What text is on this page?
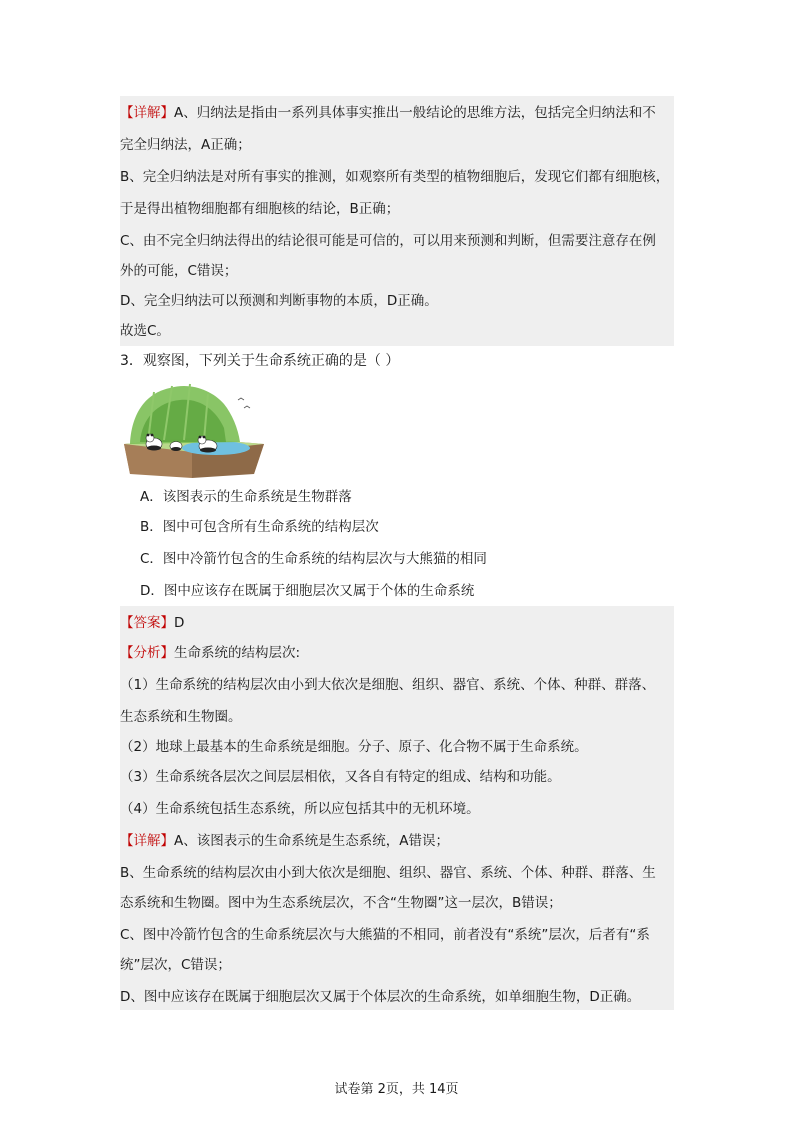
【详解】A、归纳法是指由一系列具体事实推出一般结论的思维方法，包括完全归纳法和不
完全归纳法，A正确；
B、完全归纳法是对所有事实的推测，如观察所有类型的植物细胞后，发现它们都有细胞核，
于是得出植物细胞都有细胞核的结论，B正确；
C、由不完全归纳法得出的结论很可能是可信的，可以用来预测和判断，但需要注意存在例
外的可能，C错误；
D、完全归纳法可以预测和判断事物的本质，D正确。
故选C。
3．观察图，下列关于生命系统正确的是（ ）
A．该图表示的生命系统是生物群落
B．图中可包含所有生命系统的结构层次
C．图中冷箭竹包含的生命系统的结构层次与大熊猫的相同
D．图中应该存在既属于细胞层次又属于个体的生命系统
【答案】D
【分析】生命系统的结构层次:
（1）生命系统的结构层次由小到大依次是细胞、组织、器官、系统、个体、种群、群落、
生态系统和生物圈。
（2）地球上最基本的生命系统是细胞。分子、原子、化合物不属于生命系统。
（3）生命系统各层次之间层层相依，又各自有特定的组成、结构和功能。
（4）生命系统包括生态系统，所以应包括其中的无机环境。
【详解】A、该图表示的生命系统是生态系统，A错误；
B、生命系统的结构层次由小到大依次是细胞、组织、器官、系统、个体、种群、群落、生
态系统和生物圈。图中为生态系统层次，不含“生物圈”这一层次，B错误；
C、图中冷箭竹包含的生命系统层次与大熊猫的不相同，前者没有“系统”层次，后者有“系
统”层次，C错误；
D、图中应该存在既属于细胞层次又属于个体层次的生命系统，如单细胞生物，D正确。
试卷第 2页，共 14页
